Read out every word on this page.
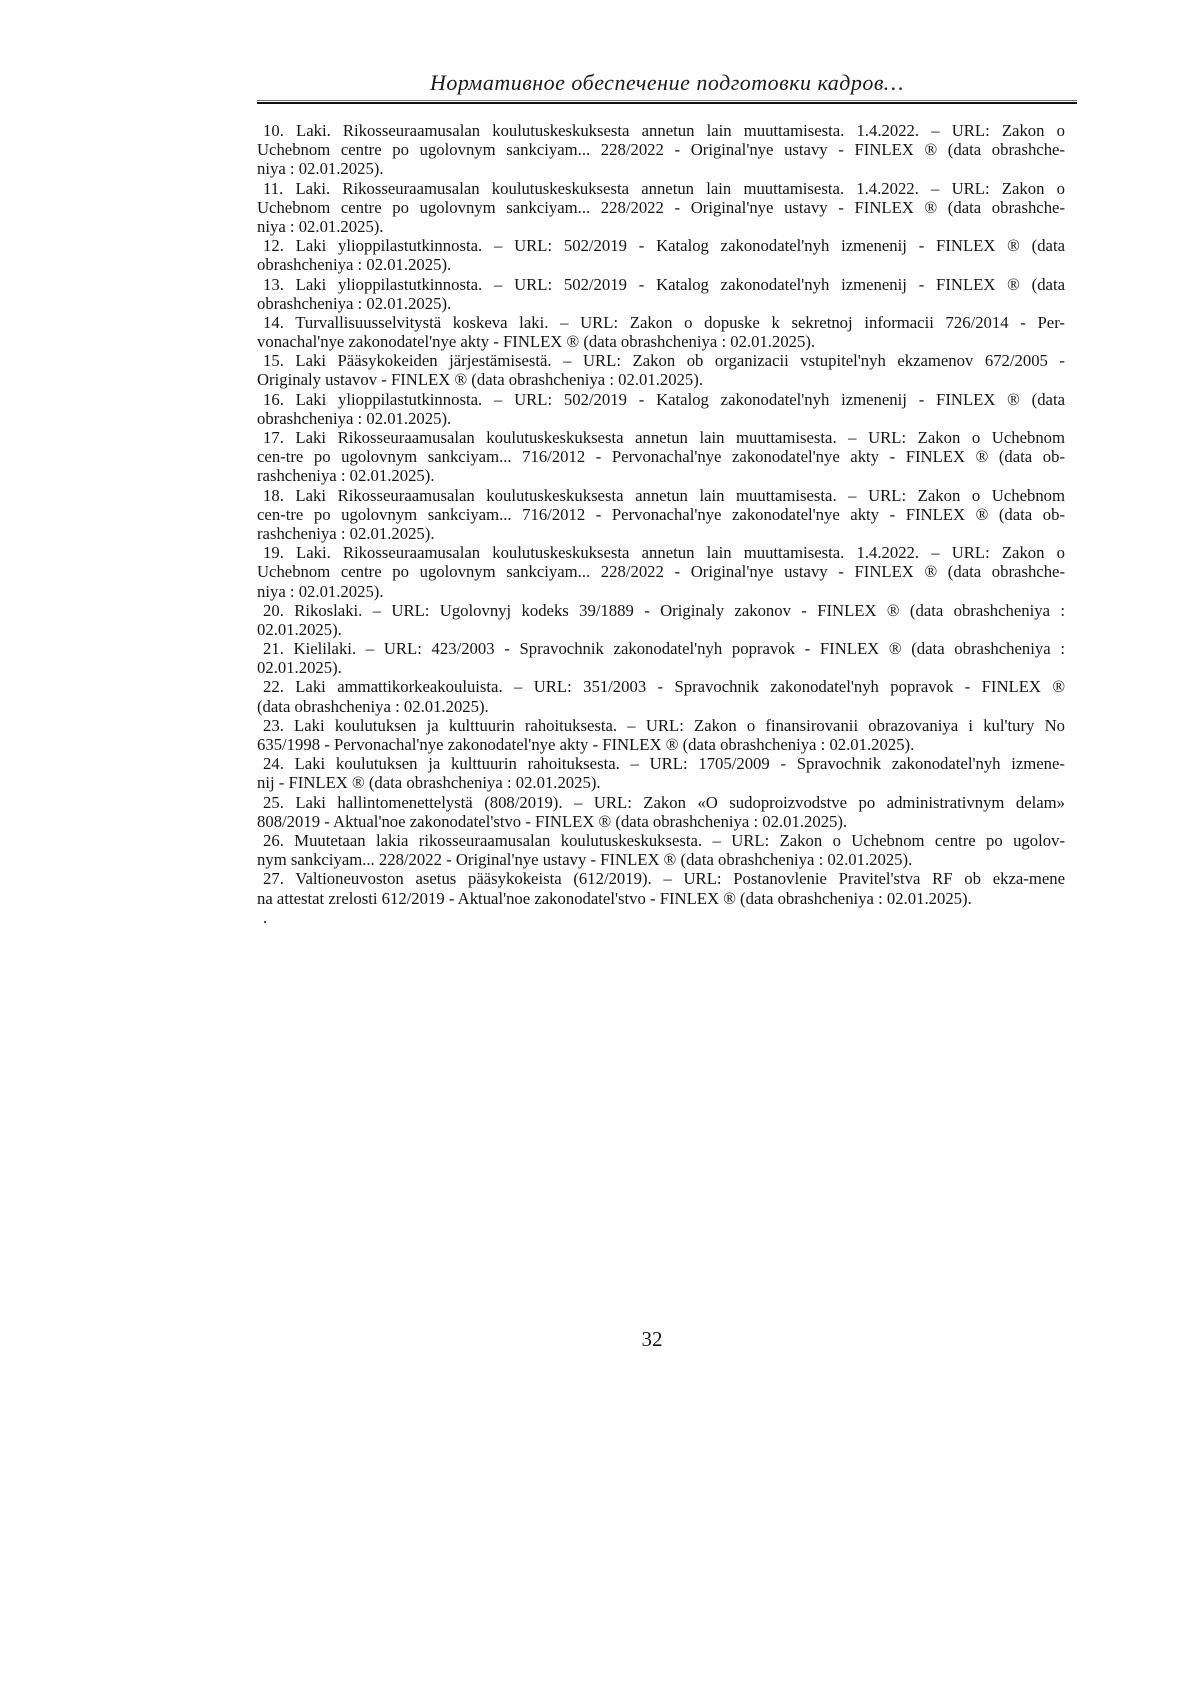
Нормативное обеспечение подготовки кадров…

10. Laki. Rikosseuraamusalan koulutuskeskuksesta annetun lain muuttamisesta. 1.4.2022. – URL: Zakon o
Uchebnom centre po ugolovnym sankciyam... 228/2022 - Original'nye ustavy - FINLEX ® (data obrashche-
niya : 02.01.2025).

11. Laki. Rikosseuraamusalan koulutuskeskuksesta annetun lain muuttamisesta. 1.4.2022. – URL: Zakon o
Uchebnom centre po ugolovnym sankciyam... 228/2022 - Original'nye ustavy - FINLEX ® (data obrashche-
niya : 02.01.2025).

12. Laki ylioppilastutkinnosta. – URL: 502/2019 - Katalog zakonodatel'nyh izmenenij - FINLEX ® (data
obrashcheniya : 02.01.2025).

13. Laki ylioppilastutkinnosta. – URL: 502/2019 - Katalog zakonodatel'nyh izmenenij - FINLEX ® (data
obrashcheniya : 02.01.2025).

14. Turvallisuusselvitystä koskeva laki. – URL: Zakon o dopuske k sekretnoj informacii 726/2014 - Per-
vonachal'nye zakonodatel'nye akty - FINLEX ® (data obrashcheniya : 02.01.2025).

15. Laki Pääsykokeiden järjestämisestä. – URL: Zakon ob organizacii vstupitel'nyh ekzamenov 672/2005 -
Originaly ustavov - FINLEX ® (data obrashcheniya : 02.01.2025).

16. Laki ylioppilastutkinnosta. – URL: 502/2019 - Katalog zakonodatel'nyh izmenenij - FINLEX ® (data
obrashcheniya : 02.01.2025).

17. Laki Rikosseuraamusalan koulutuskeskuksesta annetun lain muuttamisesta. – URL: Zakon o Uchebnom
cen-tre po ugolovnym sankciyam... 716/2012 - Pervonachal'nye zakonodatel'nye akty - FINLEX ® (data ob-
rashcheniya : 02.01.2025).

18. Laki Rikosseuraamusalan koulutuskeskuksesta annetun lain muuttamisesta. – URL: Zakon o Uchebnom
cen-tre po ugolovnym sankciyam... 716/2012 - Pervonachal'nye zakonodatel'nye akty - FINLEX ® (data ob-
rashcheniya : 02.01.2025).

19. Laki. Rikosseuraamusalan koulutuskeskuksesta annetun lain muuttamisesta. 1.4.2022. – URL: Zakon o
Uchebnom centre po ugolovnym sankciyam... 228/2022 - Original'nye ustavy - FINLEX ® (data obrashche-
niya : 02.01.2025).

20. Rikoslaki. – URL: Ugolovnyj kodeks 39/1889 - Originaly zakonov - FINLEX ® (data obrashcheniya :
02.01.2025).

21. Kielilaki. – URL: 423/2003 - Spravochnik zakonodatel'nyh popravok - FINLEX ® (data obrashcheniya :
02.01.2025).

22. Laki ammattikorkeakouluista. – URL: 351/2003 - Spravochnik zakonodatel'nyh popravok - FINLEX ®
(data obrashcheniya : 02.01.2025).

23. Laki koulutuksen ja kulttuurin rahoituksesta. – URL: Zakon o finansirovanii obrazovaniya i kul'tury No
635/1998 - Pervonachal'nye zakonodatel'nye akty - FINLEX ® (data obrashcheniya : 02.01.2025).

24. Laki koulutuksen ja kulttuurin rahoituksesta. – URL: 1705/2009 - Spravochnik zakonodatel'nyh izmene-
nij - FINLEX ® (data obrashcheniya : 02.01.2025).

25. Laki hallintomenettelystä (808/2019). – URL: Zakon «O sudoproizvodstve po administrativnym delam»
808/2019 - Aktual'noe zakonodatel'stvo - FINLEX ® (data obrashcheniya : 02.01.2025).

26. Muutetaan lakia rikosseuraamusalan koulutuskeskuksesta. – URL: Zakon o Uchebnom centre po ugolov-
nym sankciyam... 228/2022 - Original'nye ustavy - FINLEX ® (data obrashcheniya : 02.01.2025).

27. Valtioneuvoston asetus pääsykokeista (612/2019). – URL: Postanovlenie Pravitel'stva RF ob ekza-mene
na attestat zrelosti 612/2019 - Aktual'noe zakonodatel'stvo - FINLEX ® (data obrashcheniya : 02.01.2025).

.
32
